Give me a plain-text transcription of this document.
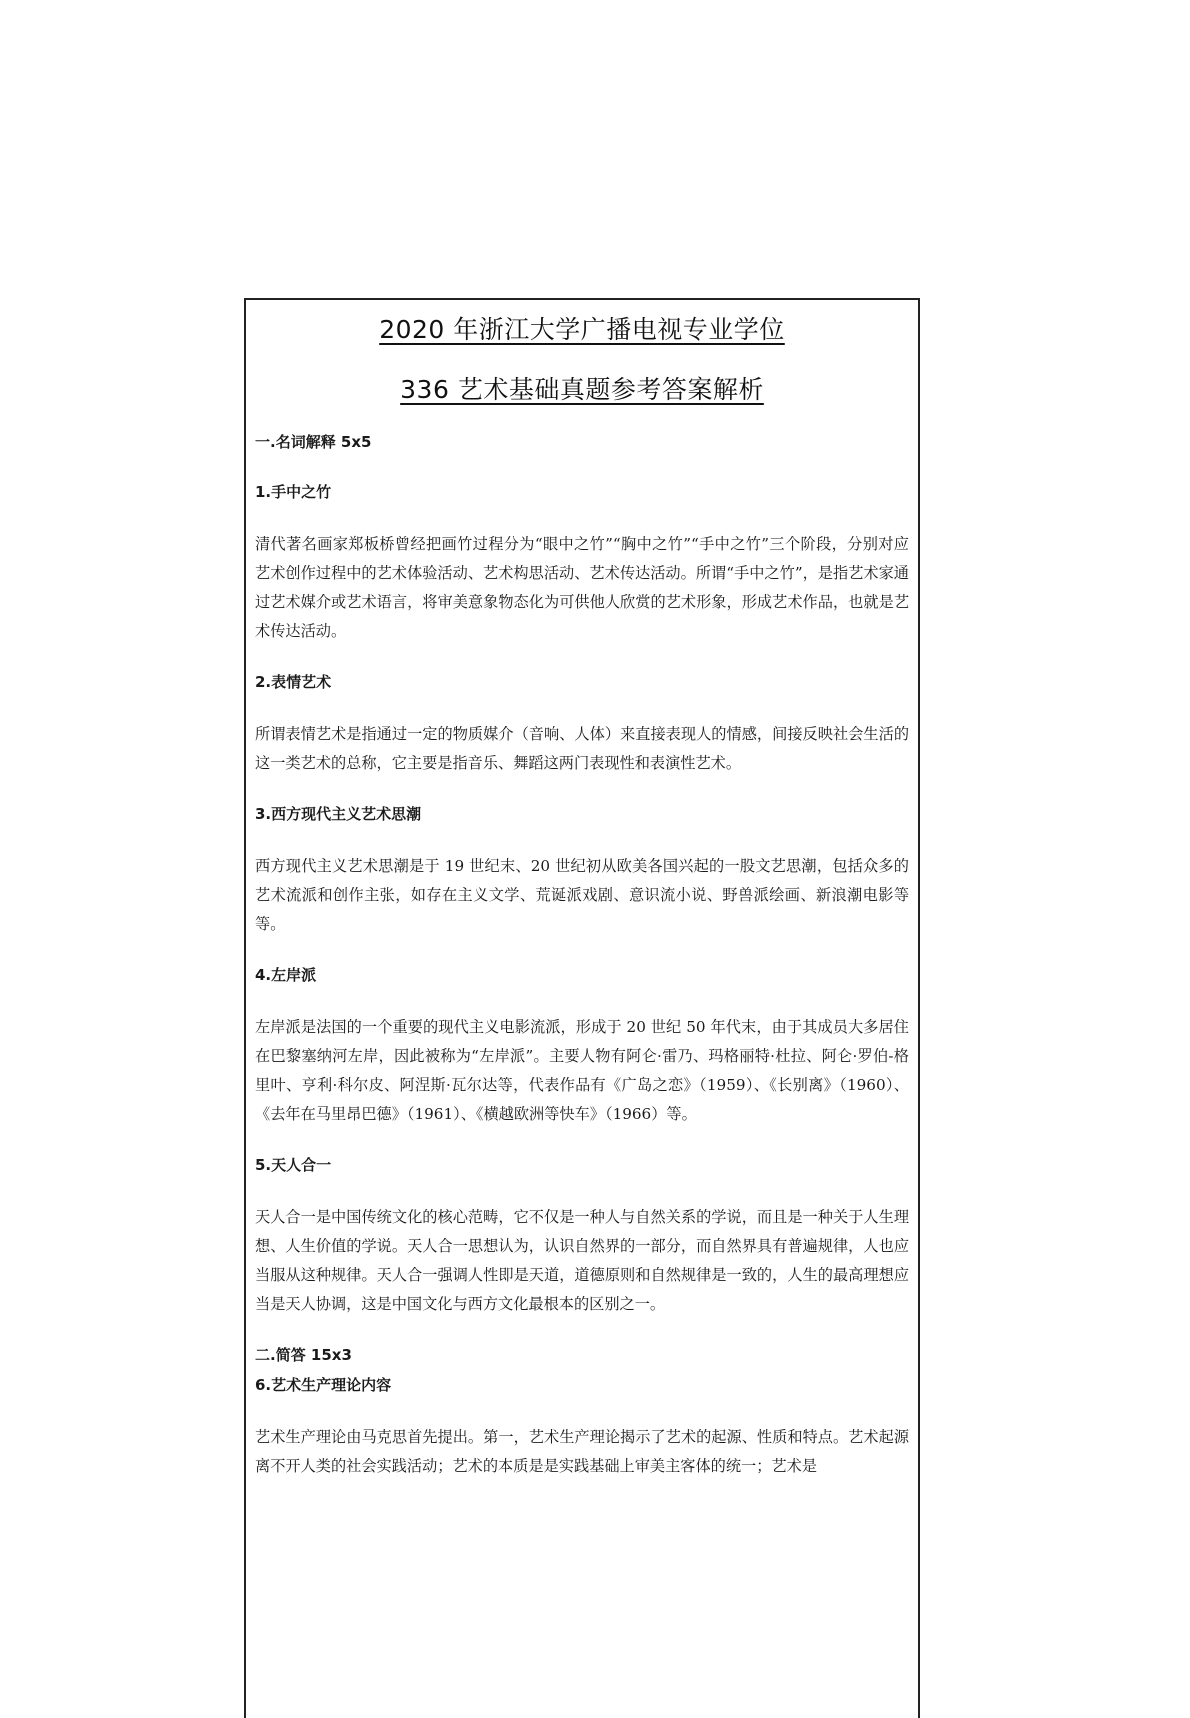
2020 年浙江大学广播电视专业学位
336 艺术基础真题参考答案解析

一.名词解释 5x5

1.手中之竹

清代著名画家郑板桥曾经把画竹过程分为“眼中之竹”“胸中之竹”“手中之竹”三个阶段，分别对应艺术创作过程中的艺术体验活动、艺术构思活动、艺术传达活动。所谓“手中之竹”，是指艺术家通过艺术媒介或艺术语言，将审美意象物态化为可供他人欣赏的艺术形象，形成艺术作品，也就是艺术传达活动。

2.表情艺术

所谓表情艺术是指通过一定的物质媒介（音响、人体）来直接表现人的情感，间接反映社会生活的这一类艺术的总称，它主要是指音乐、舞蹈这两门表现性和表演性艺术。

3.西方现代主义艺术思潮

西方现代主义艺术思潮是于 19 世纪末、20 世纪初从欧美各国兴起的一股文艺思潮，包括众多的艺术流派和创作主张，如存在主义文学、荒诞派戏剧、意识流小说、野兽派绘画、新浪潮电影等等。

4.左岸派

左岸派是法国的一个重要的现代主义电影流派，形成于 20 世纪 50 年代末，由于其成员大多居住在巴黎塞纳河左岸，因此被称为“左岸派”。主要人物有阿仑·雷乃、玛格丽特·杜拉、阿仑·罗伯-格里叶、亨利·科尔皮、阿涅斯·瓦尔达等，代表作品有《广岛之恋》（1959）、《长别离》（1960）、《去年在马里昂巴德》（1961）、《横越欧洲等快车》（1966）等。

5.天人合一

天人合一是中国传统文化的核心范畴，它不仅是一种人与自然关系的学说，而且是一种关于人生理想、人生价值的学说。天人合一思想认为，认识自然界的一部分，而自然界具有普遍规律，人也应当服从这种规律。天人合一强调人性即是天道，道德原则和自然规律是一致的，人生的最高理想应当是天人协调，这是中国文化与西方文化最根本的区别之一。

二.简答 15x3

6.艺术生产理论内容

艺术生产理论由马克思首先提出。第一，艺术生产理论揭示了艺术的起源、性质和特点。艺术起源离不开人类的社会实践活动；艺术的本质是是实践基础上审美主客体的统一；艺术是
